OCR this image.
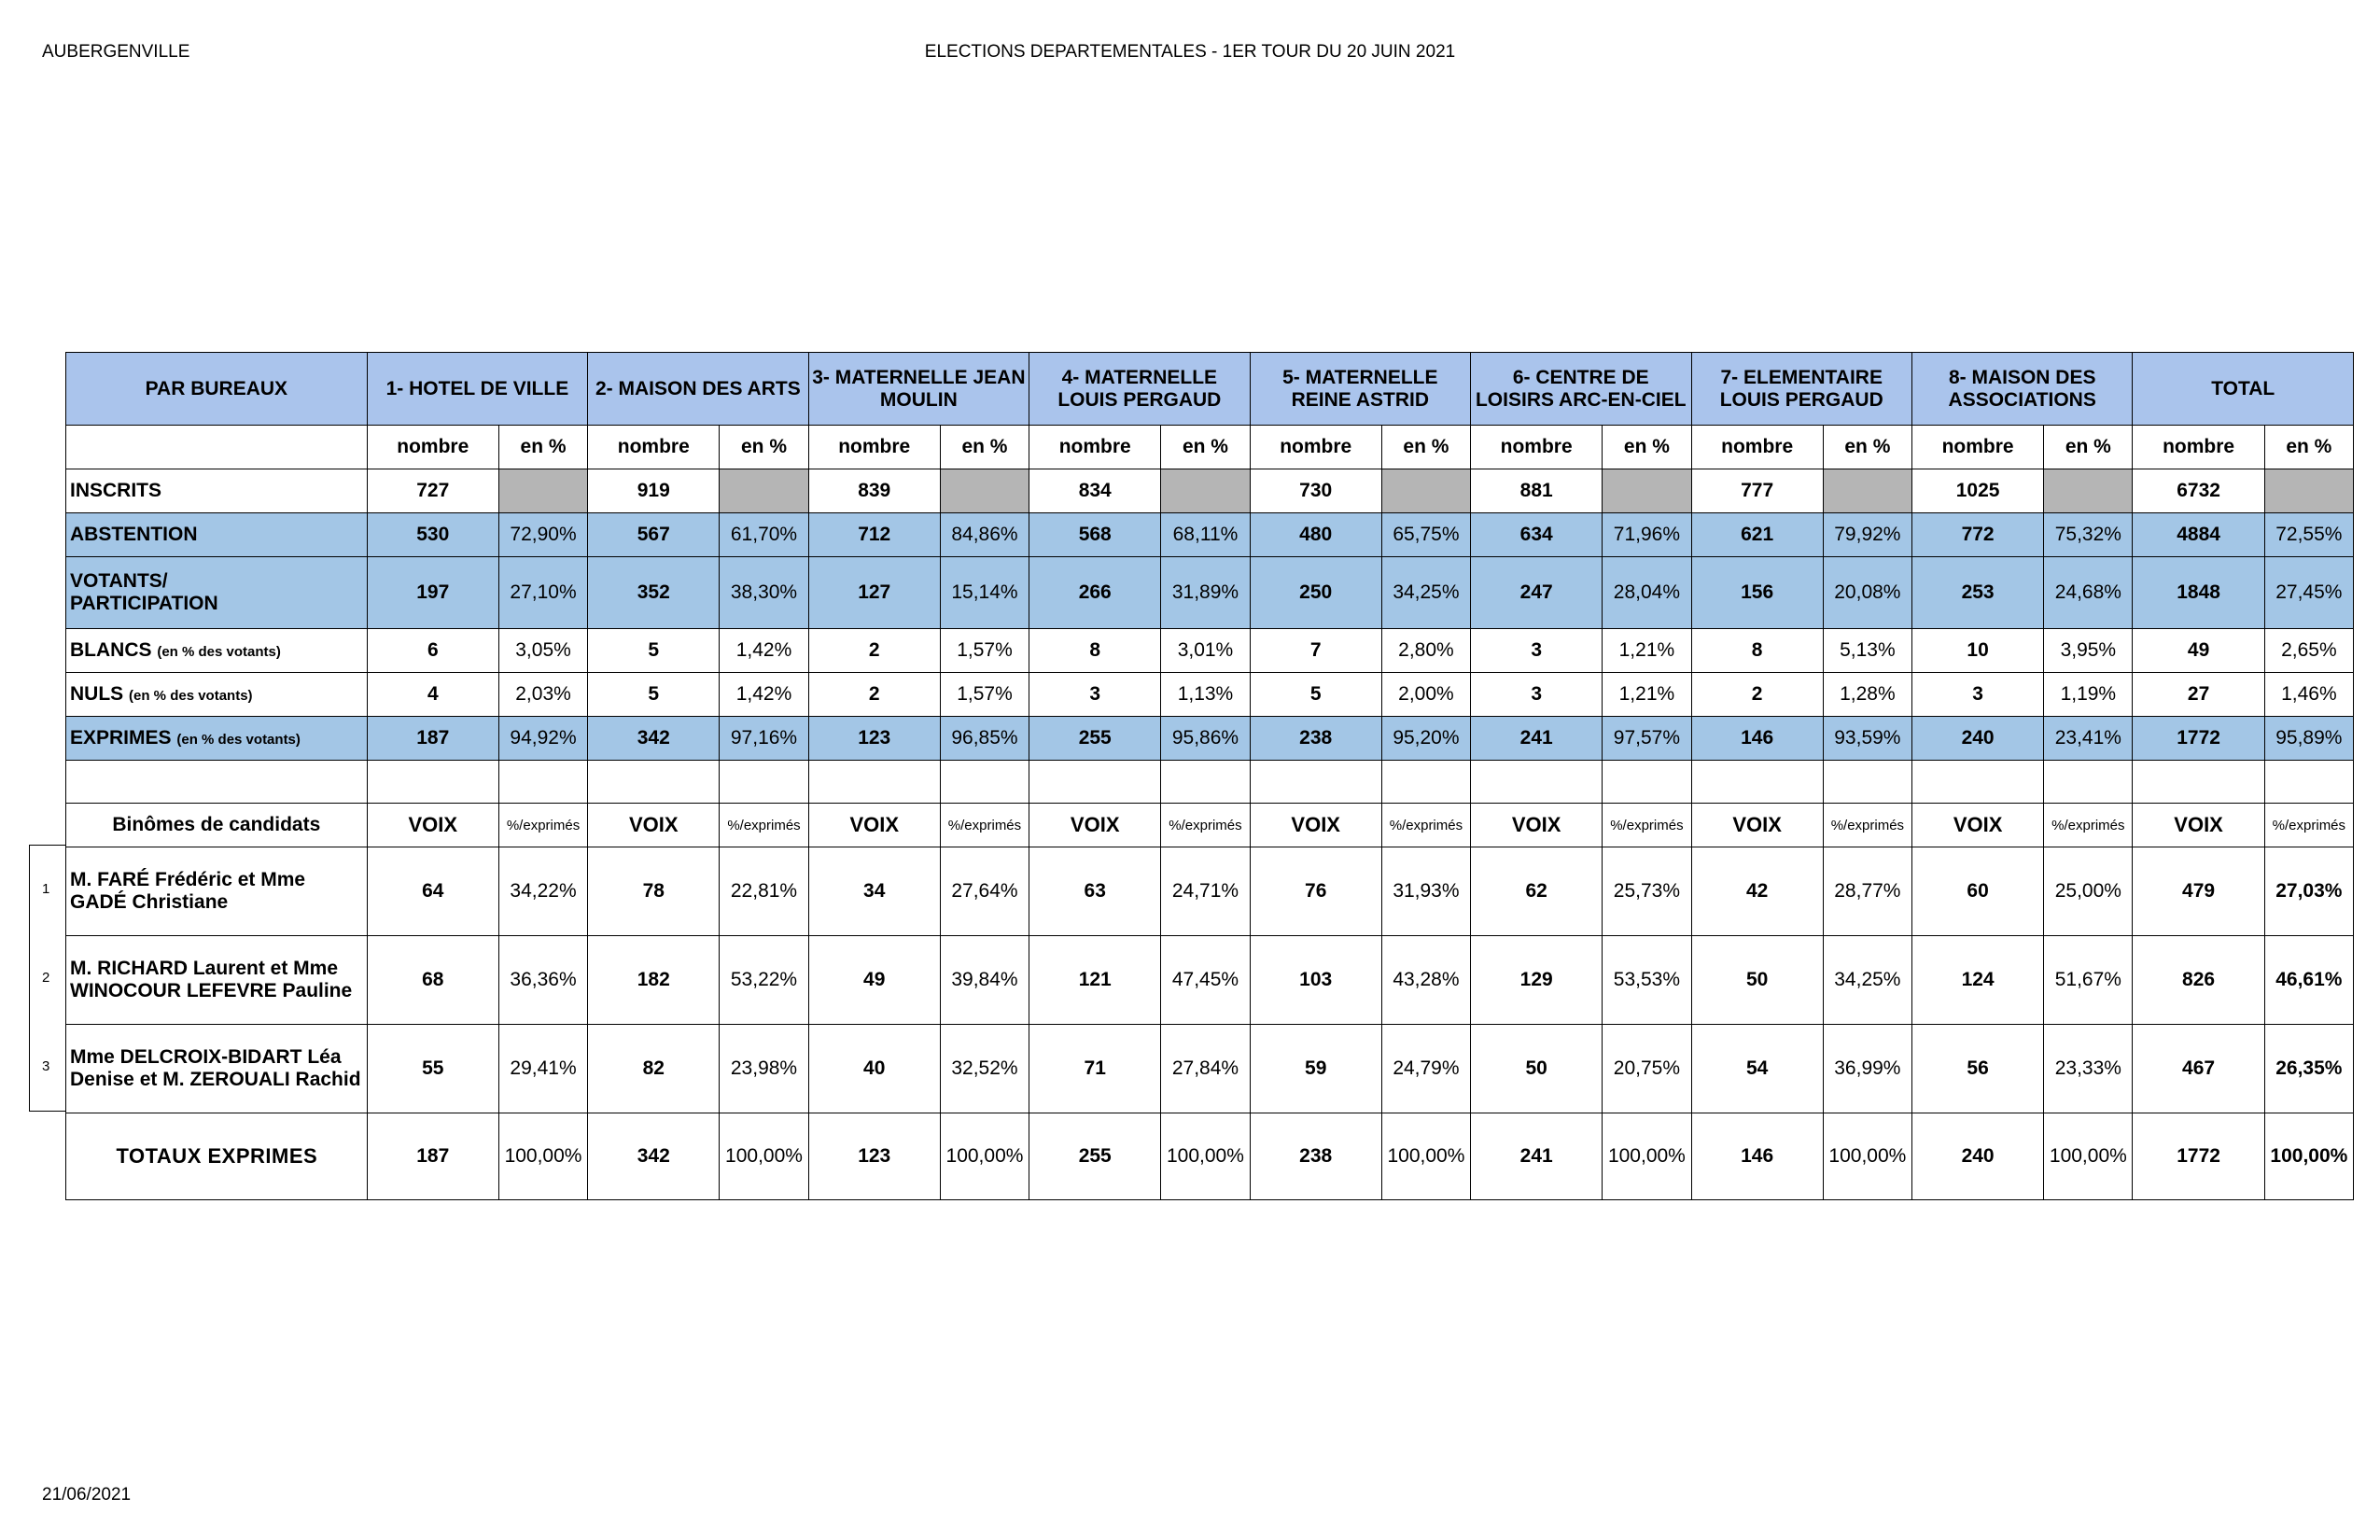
AUBERGENVILLE	ELECTIONS DEPARTEMENTALES - 1ER TOUR DU 20 JUIN 2021
1
2
3
PAR BUREAUX	1- HOTEL DE VILLE		2- MAISON DES ARTS		3- MATERNELLE JEAN MOULIN		4- MATERNELLE LOUIS PERGAUD		5- MATERNELLE REINE ASTRID		6- CENTRE DE LOISIRS ARC-EN-CIEL		7- ELEMENTAIRE LOUIS PERGAUD		8- MAISON DES ASSOCIATIONS		TOTAL	
	nombre	en %	nombre	en %	nombre	en %	nombre	en %	nombre	en %	nombre	en %	nombre	en %	nombre	en %	nombre	en %
INSCRITS	727		919		839		834		730		881		777		1025		6732	
ABSTENTION	530	72,90%	567	61,70%	712	84,86%	568	68,11%	480	65,75%	634	71,96%	621	79,92%	772	75,32%	4884	72,55%

VOTANTS/
PARTICIPATION	197	27,10%	352	38,30%	127	15,14%	266	31,89%	250	34,25%	247	28,04%	156	20,08%	253	24,68%	1848	27,45%
BLANCS (en % des votants)	6	3,05%	5	1,42%	2	1,57%	8	3,01%	7	2,80%	3	1,21%	8	5,13%	10	3,95%	49	2,65%
NULS (en % des votants)	4	2,03%	5	1,42%	2	1,57%	3	1,13%	5	2,00%	3	1,21%	2	1,28%	3	1,19%	27	1,46%
EXPRIMES (en % des votants)	187	94,92%	342	97,16%	123	96,85%	255	95,86%	238	95,20%	241	97,57%	146	93,59%	240	23,41%	1772	95,89%

Binômes de candidats	VOIX	%/exprimés	VOIX	%/exprimés	VOIX	%/exprimés	VOIX	%/exprimés	VOIX	%/exprimés	VOIX	%/exprimés	VOIX	%/exprimés	VOIX	%/exprimés	VOIX	%/exprimés
M. FARÉ Frédéric et Mme GADÉ Christiane	64	34,22%	78	22,81%	34	27,64%	63	24,71%	76	31,93%	62	25,73%	42	28,77%	60	25,00%	479	27,03%
M. RICHARD Laurent et Mme WINOCOUR LEFEVRE Pauline	68	36,36%	182	53,22%	49	39,84%	121	47,45%	103	43,28%	129	53,53%	50	34,25%	124	51,67%	826	46,61%
Mme DELCROIX-BIDART Léa Denise et M. ZEROUALI Rachid	55	29,41%	82	23,98%	40	32,52%	71	27,84%	59	24,79%	50	20,75%	54	36,99%	56	23,33%	467	26,35%
TOTAUX EXPRIMES	187	100,00%	342	100,00%	123	100,00%	255	100,00%	238	100,00%	241	100,00%	146	100,00%	240	100,00%	1772	100,00%
21/06/2021
